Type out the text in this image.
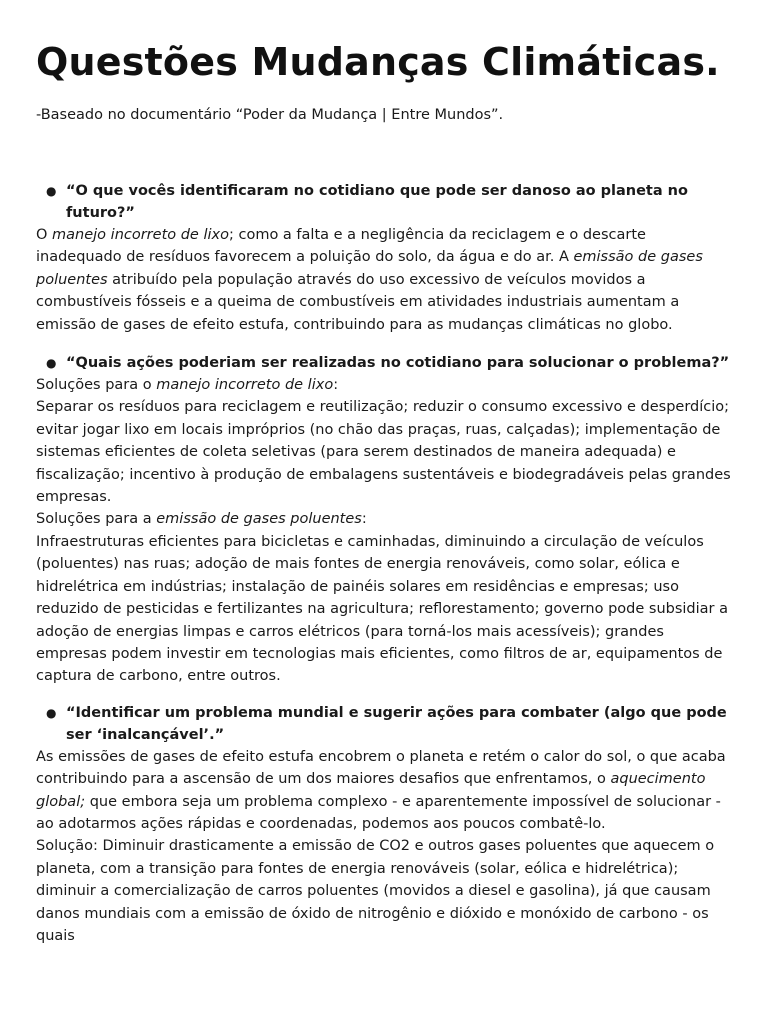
Questões Mudanças Climáticas.

-Baseado no documentário “Poder da Mudança | Entre Mundos”.

● “O que vocês identificaram no cotidiano que pode ser danoso ao planeta no futuro?”

O manejo incorreto de lixo; como a falta e a negligência da reciclagem e o descarte inadequado de resíduos favorecem a poluição do solo, da água e do ar. A emissão de gases poluentes atribuído pela população através do uso excessivo de veículos movidos a combustíveis fósseis e a queima de combustíveis em atividades industriais aumentam a emissão de gases de efeito estufa, contribuindo para as mudanças climáticas no globo.

● “Quais ações poderiam ser realizadas no cotidiano para solucionar o problema?”

Soluções para o manejo incorreto de lixo:

Separar os resíduos para reciclagem e reutilização; reduzir o consumo excessivo e desperdício; evitar jogar lixo em locais impróprios (no chão das praças, ruas, calçadas); implementação de sistemas eficientes de coleta seletivas (para serem destinados de maneira adequada) e fiscalização; incentivo à produção de embalagens sustentáveis e biodegradáveis pelas grandes empresas.

Soluções para a emissão de gases poluentes:

Infraestruturas eficientes para bicicletas e caminhadas, diminuindo a circulação de veículos (poluentes) nas ruas; adoção de mais fontes de energia renováveis, como solar, eólica e hidrelétrica em indústrias; instalação de painéis solares em residências e empresas; uso reduzido de pesticidas e fertilizantes na agricultura; reflorestamento; governo pode subsidiar a adoção de energias limpas e carros elétricos (para torná-los mais acessíveis); grandes empresas podem investir em tecnologias mais eficientes, como filtros de ar, equipamentos de captura de carbono, entre outros.

● “Identificar um problema mundial e sugerir ações para combater (algo que pode ser ‘inalcançável’.”

As emissões de gases de efeito estufa encobrem o planeta e retém o calor do sol, o que acaba contribuindo para a ascensão de um dos maiores desafios que enfrentamos, o aquecimento global; que embora seja um problema complexo - e aparentemente impossível de solucionar - ao adotarmos ações rápidas e coordenadas, podemos aos poucos combatê-lo.

Solução: Diminuir drasticamente a emissão de CO2 e outros gases poluentes que aquecem o planeta, com a transição para fontes de energia renováveis (solar, eólica e hidrelétrica); diminuir a comercialização de carros poluentes (movidos a diesel e gasolina), já que causam danos mundiais com a emissão de óxido de nitrogênio e dióxido e monóxido de carbono - os quais
